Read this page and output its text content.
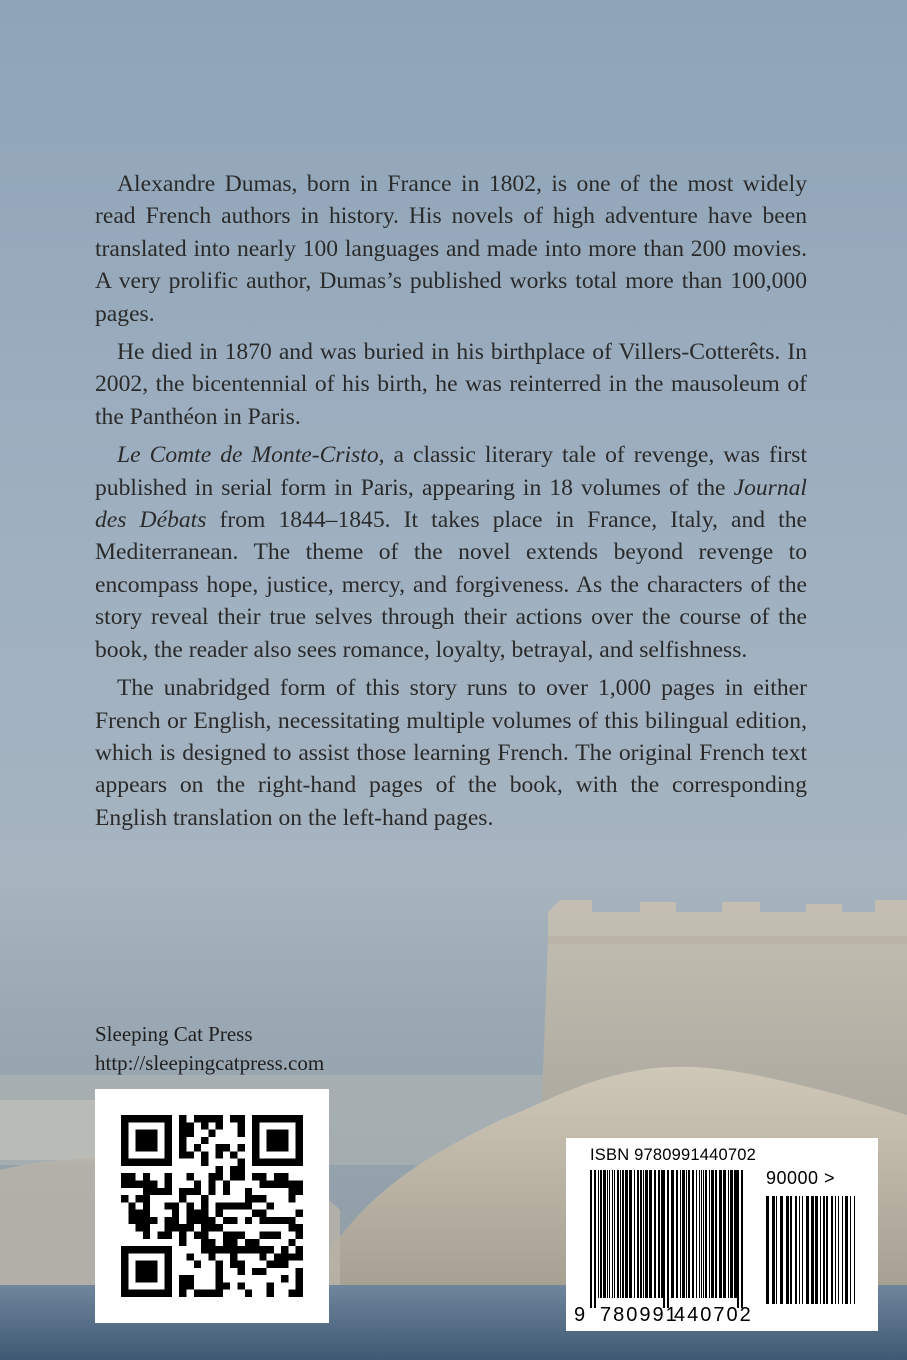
Alexandre Dumas, born in France in 1802, is one of the most widely read French authors in history. His novels of high adventure have been translated into nearly 100 languages and made into more than 200 movies. A very prolific author, Dumas’s published works total more than 100,000 pages.

He died in 1870 and was buried in his birthplace of Villers-Cotterêts. In 2002, the bicentennial of his birth, he was reinterred in the mausoleum of the Panthéon in Paris.

Le Comte de Monte-Cristo, a classic literary tale of revenge, was first published in serial form in Paris, appearing in 18 volumes of the Journal des Débats from 1844–1845. It takes place in France, Italy, and the Mediterranean. The theme of the novel extends beyond revenge to encompass hope, justice, mercy, and forgiveness. As the characters of the story reveal their true selves through their actions over the course of the book, the reader also sees romance, loyalty, betrayal, and selfishness.

The unabridged form of this story runs to over 1,000 pages in either French or English, necessitating multiple volumes of this bilingual edition, which is designed to assist those learning French. The original French text appears on the right-hand pages of the book, with the corresponding English translation on the left-hand pages.

Sleeping Cat Press
http://sleepingcatpress.com
ISBN 9780991440702
90000 >
9 780991
440702
